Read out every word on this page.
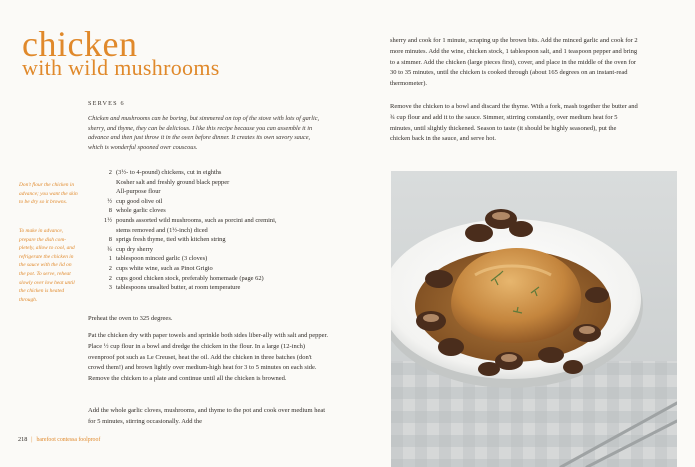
chicken
with wild mushrooms
SERVES 6
Chicken and mushrooms can be boring, but simmered on top of the stove with lots of garlic, sherry, and thyme, they can be delicious. I like this recipe because you can assemble it in advance and then just throw it in the oven before dinner. It creates its own savory sauce, which is wonderful spooned over couscous.
Don't flour the chicken in advance; you want the skin to be dry so it browns.
To make in advance, prepare the dish com-pletely, allow to cool, and refrigerate the chicken in the sauce with the lid on the pot. To serve, reheat slowly over low heat until the chicken is heated through.
2 (3½- to 4-pound) chickens, cut in eighths
Kosher salt and freshly ground black pepper
All-purpose flour
½ cup good olive oil
8 whole garlic cloves
1½ pounds assorted wild mushrooms, such as porcini and cremini,
stems removed and (1½-inch) diced
8 sprigs fresh thyme, tied with kitchen string
¾ cup dry sherry
1 tablespoon minced garlic (3 cloves)
2 cups white wine, such as Pinot Grigio
2 cups good chicken stock, preferably homemade (page 62)
3 tablespoons unsalted butter, at room temperature
Preheat the oven to 325 degrees.
Pat the chicken dry with paper towels and sprinkle both sides liber-ally with salt and pepper. Place ½ cup flour in a bowl and dredge the chicken in the flour. In a large (12-inch) ovenproof pot such as Le Creuset, heat the oil. Add the chicken in three batches (don't crowd them!) and brown lightly over medium-high heat for 3 to 5 minutes on each side. Remove the chicken to a plate and continue until all the chicken is browned.
Add the whole garlic cloves, mushrooms, and thyme to the pot and cook over medium heat for 5 minutes, stirring occasionally. Add the
sherry and cook for 1 minute, scraping up the brown bits. Add the minced garlic and cook for 2 more minutes. Add the wine, chicken stock, 1 tablespoon salt, and 1 teaspoon pepper and bring to a simmer. Add the chicken (large pieces first), cover, and place in the middle of the oven for 30 to 35 minutes, until the chicken is cooked through (about 165 degrees on an instant-read thermometer).
Remove the chicken to a bowl and discard the thyme. With a fork, mash together the butter and ¾ cup flour and add it to the sauce. Simmer, stirring constantly, over medium heat for 5 minutes, until slightly thickened. Season to taste (it should be highly seasoned), put the chicken back in the sauce, and serve hot.
218 | barefoot contessa foolproof
